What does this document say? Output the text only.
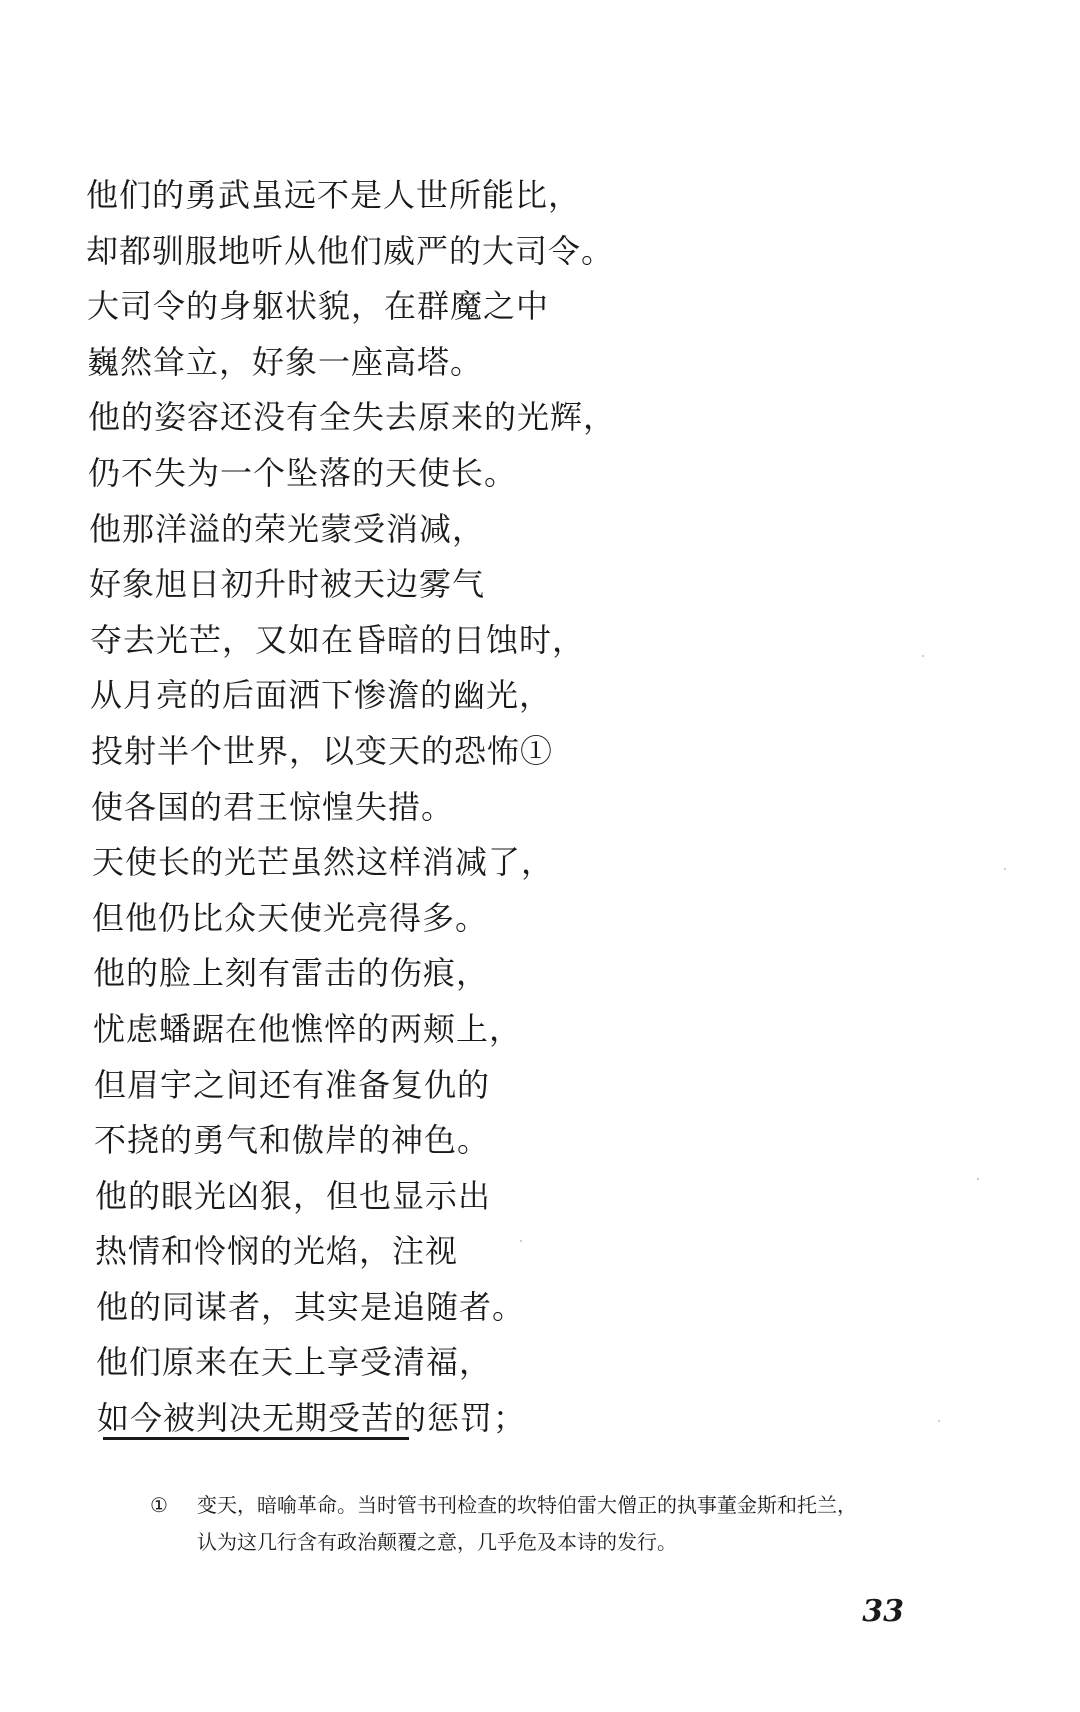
他们的勇武虽远不是人世所能比，
却都驯服地听从他们威严的大司令。
大司令的身躯状貌，在群魔之中
巍然耸立，好象一座高塔。
他的姿容还没有全失去原来的光辉，
仍不失为一个坠落的天使长。
他那洋溢的荣光蒙受消减，
好象旭日初升时被天边雾气
夺去光芒，又如在昏暗的日蚀时，
从月亮的后面洒下惨澹的幽光，
投射半个世界，以变天的恐怖①
使各国的君王惊惶失措。
天使长的光芒虽然这样消减了，
但他仍比众天使光亮得多。
他的脸上刻有雷击的伤痕，
忧虑蟠踞在他憔悴的两颊上，
但眉宇之间还有准备复仇的
不挠的勇气和傲岸的神色。
他的眼光凶狠，但也显示出
热情和怜悯的光焰，注视
他的同谋者，其实是追随者。
他们原来在天上享受清福，
如今被判决无期受苦的惩罚；
①	变天，暗喻革命。当时管书刊检查的坎特伯雷大僧正的执事董金斯和托兰，
认为这几行含有政治颠覆之意，几乎危及本诗的发行。
33
